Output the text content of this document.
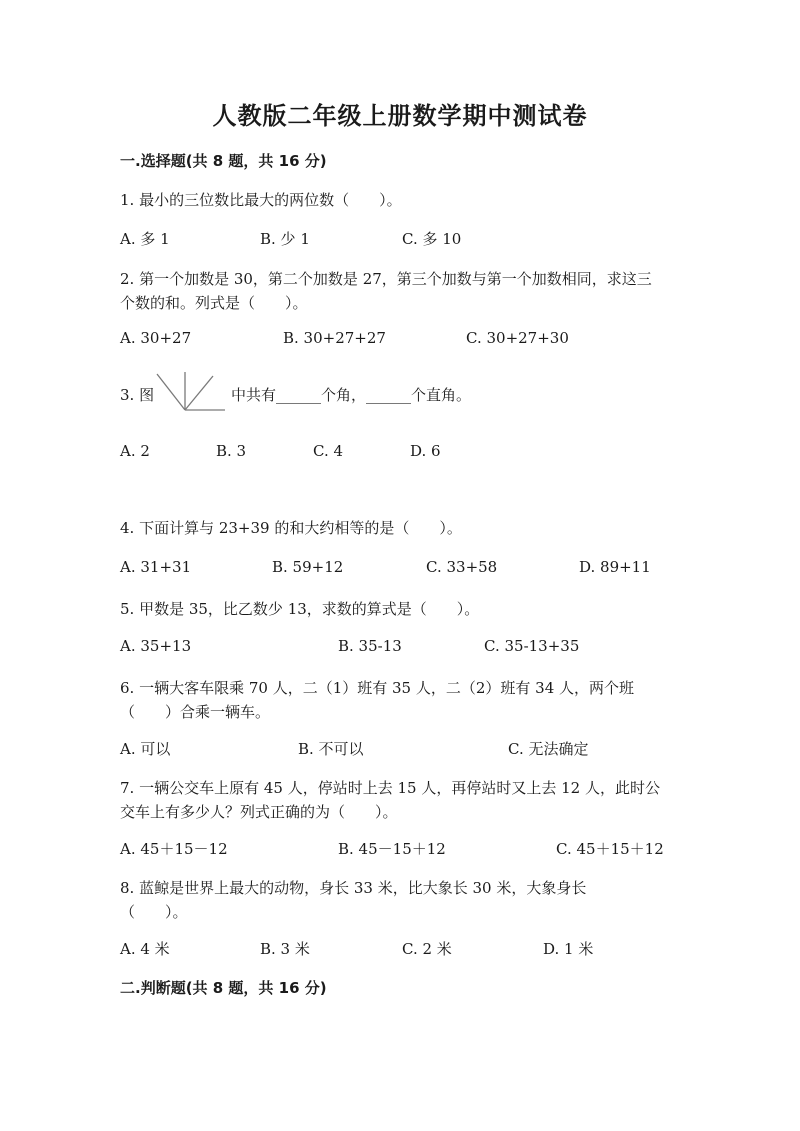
人教版二年级上册数学期中测试卷
一.选择题(共 8 题，共 16 分)
1. 最小的三位数比最大的两位数（　　）。
A. 多 1	B. 少 1	C. 多 10
2. 第一个加数是 30，第二个加数是 27，第三个加数与第一个加数相同，求这三
个数的和。列式是（　　）。
A. 30+27	B. 30+27+27	C. 30+27+30
3. 图	中共有______个角，______个直角。
A. 2	B. 3	C. 4	D. 6
4. 下面计算与 23+39 的和大约相等的是（　　）。
A. 31+31	B. 59+12	C. 33+58	D. 89+11
5. 甲数是 35，比乙数少 13，求数的算式是（　　）。
A. 35+13	B. 35-13	C. 35-13+35
6. 一辆大客车限乘 70 人，二（1）班有 35 人，二（2）班有 34 人，两个班
（　　）合乘一辆车。
A. 可以	B. 不可以	C. 无法确定
7. 一辆公交车上原有 45 人，停站时上去 15 人，再停站时又上去 12 人，此时公
交车上有多少人？列式正确的为（　　）。
A. 45＋15－12	B. 45－15＋12	C. 45＋15＋12
8. 蓝鲸是世界上最大的动物，身长 33 米，比大象长 30 米，大象身长
（　　）。
A. 4 米	B. 3 米	C. 2 米	D. 1 米
二.判断题(共 8 题，共 16 分)
